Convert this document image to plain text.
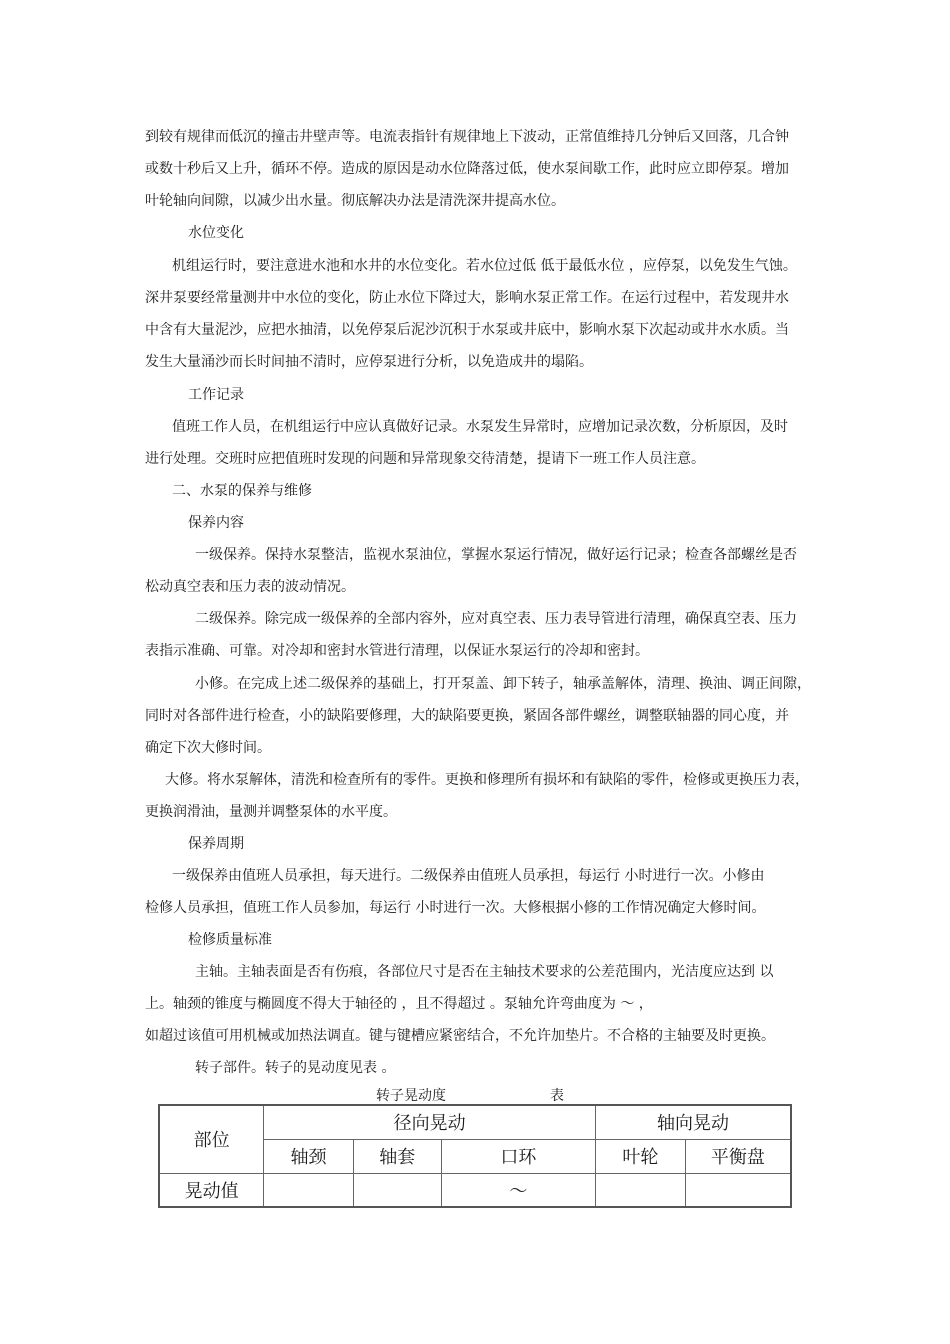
到较有规律而低沉的撞击井壁声等。电流表指针有规律地上下波动，正常值维持几分钟后又回落，几合钟
或数十秒后又上升，循环不停。造成的原因是动水位降落过低，使水泵间歇工作，此时应立即停泵。增加
叶轮轴向间隙，以减少出水量。彻底解决办法是清洗深井提高水位。
水位变化
机组运行时，要注意进水池和水井的水位变化。若水位过低 低于最低水位 ，应停泵，以免发生气蚀。
深井泵要经常量测井中水位的变化，防止水位下降过大，影响水泵正常工作。在运行过程中，若发现井水
中含有大量泥沙，应把水抽清，以免停泵后泥沙沉积于水泵或井底中，影响水泵下次起动或井水水质。当
发生大量涌沙而长时间抽不清时，应停泵进行分析，以免造成井的塌陷。
工作记录
值班工作人员，在机组运行中应认真做好记录。水泵发生异常时，应增加记录次数，分析原因，及时
进行处理。交班时应把值班时发现的问题和异常现象交待清楚，提请下一班工作人员注意。
二、水泵的保养与维修
保养内容
一级保养。保持水泵整洁，监视水泵油位，掌握水泵运行情况，做好运行记录；检查各部螺丝是否
松动真空表和压力表的波动情况。
二级保养。除完成一级保养的全部内容外，应对真空表、压力表导管进行清理，确保真空表、压力
表指示准确、可靠。对冷却和密封水管进行清理，以保证水泵运行的冷却和密封。
小修。在完成上述二级保养的基础上，打开泵盖、卸下转子，轴承盖解体，清理、换油、调正间隙，
同时对各部件进行检查，小的缺陷要修理，大的缺陷要更换，紧固各部件螺丝，调整联轴器的同心度，并
确定下次大修时间。
大修。将水泵解体，清洗和检查所有的零件。更换和修理所有损坏和有缺陷的零件，检修或更换压力表，
更换润滑油，量测并调整泵体的水平度。
保养周期
一级保养由值班人员承担，每天进行。二级保养由值班人员承担，每运行 小时进行一次。小修由
检修人员承担，值班工作人员参加，每运行 小时进行一次。大修根据小修的工作情况确定大修时间。
检修质量标准
主轴。主轴表面是否有伤痕，各部位尺寸是否在主轴技术要求的公差范围内，光洁度应达到 以
上。轴颈的锥度与椭圆度不得大于轴径的 ，且不得超过 。泵轴允许弯曲度为 ～ ，
如超过该值可用机械或加热法调直。键与键槽应紧密结合，不允许加垫片。不合格的主轴要及时更换。
转子部件。转子的晃动度见表 。
转子晃动度	表
部位	径向晃动			轴向晃动	
	轴颈	轴套	口环	叶轮	平衡盘
晃动值			～		
